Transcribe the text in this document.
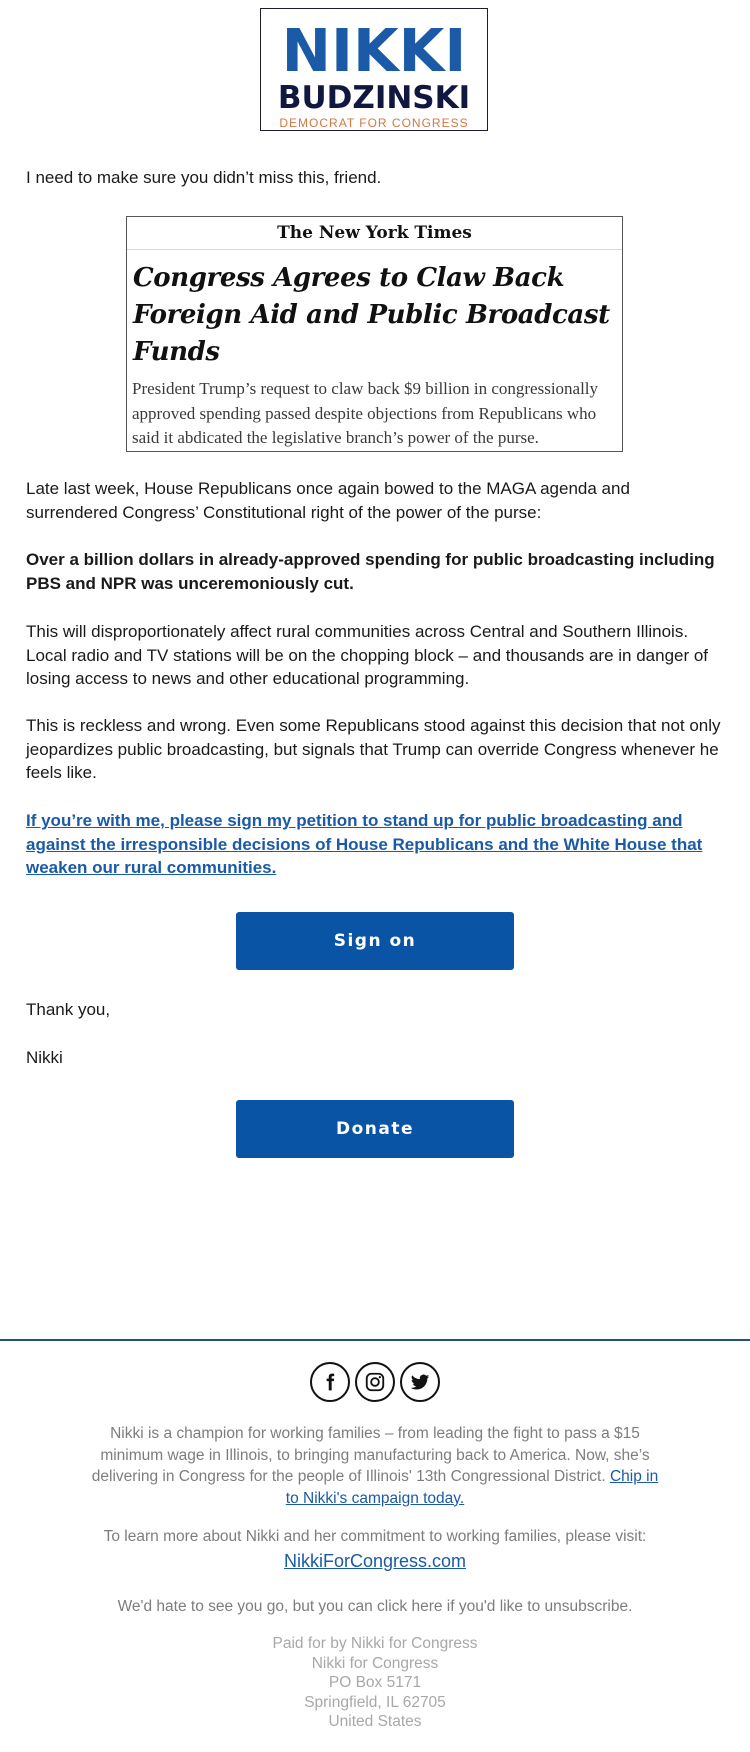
NIKKI
BUDZINSKI
DEMOCRAT FOR CONGRESS

I need to make sure you didn’t miss this, friend.

The New York Times
Congress Agrees to Claw Back Foreign Aid and Public Broadcast Funds
President Trump’s request to claw back $9 billion in congressionally approved spending passed despite objections from Republicans who said it abdicated the legislative branch’s power of the purse.

Late last week, House Republicans once again bowed to the MAGA agenda and surrendered Congress’ Constitutional right of the power of the purse:

Over a billion dollars in already-approved spending for public broadcasting including PBS and NPR was unceremoniously cut.

This will disproportionately affect rural communities across Central and Southern Illinois. Local radio and TV stations will be on the chopping block – and thousands are in danger of losing access to news and other educational programming.

This is reckless and wrong. Even some Republicans stood against this decision that not only jeopardizes public broadcasting, but signals that Trump can override Congress whenever he feels like.

If you’re with me, please sign my petition to stand up for public broadcasting and against the irresponsible decisions of House Republicans and the White House that weaken our rural communities.

Sign on

Thank you,

Nikki

Donate

Nikki is a champion for working families – from leading the fight to pass a $15 minimum wage in Illinois, to bringing manufacturing back to America. Now, she’s delivering in Congress for the people of Illinois' 13th Congressional District. Chip in to Nikki's campaign today.

To learn more about Nikki and her commitment to working families, please visit:
NikkiForCongress.com

We'd hate to see you go, but you can click here if you'd like to unsubscribe.

Paid for by Nikki for Congress
Nikki for Congress
PO Box 5171
Springfield, IL 62705
United States
